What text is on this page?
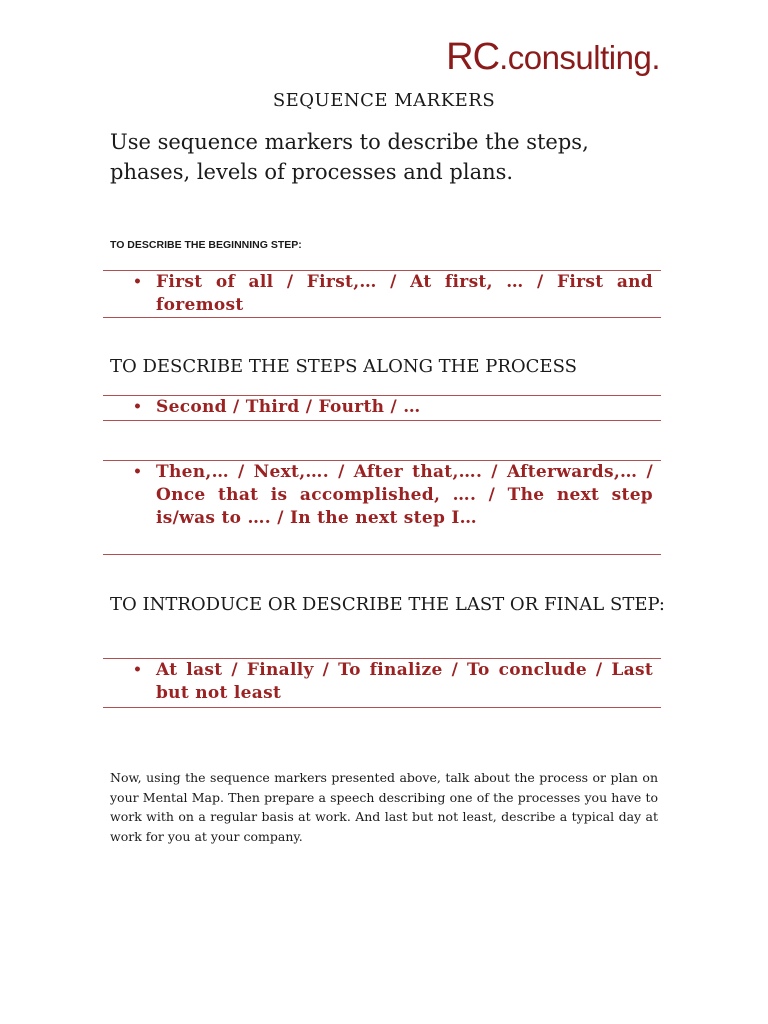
RC.consulting.
SEQUENCE MARKERS
Use sequence markers to describe the steps, phases, levels of processes and plans.
TO DESCRIBE THE BEGINNING STEP:
• First of all / First,… / At first, … / First and foremost
TO DESCRIBE THE STEPS ALONG THE PROCESS
• Second / Third / Fourth / …
• Then,… / Next,…. / After that,…. / Afterwards,… / Once that is accomplished, …. / The next step is/was to …. / In the next step I…
TO INTRODUCE OR DESCRIBE THE LAST OR FINAL STEP:
• At last / Finally / To finalize / To conclude / Last but not least
Now, using the sequence markers presented above, talk about the process or plan on your Mental Map. Then prepare a speech describing one of the processes you have to work with on a regular basis at work. And last but not least, describe a typical day at work for you at your company.
